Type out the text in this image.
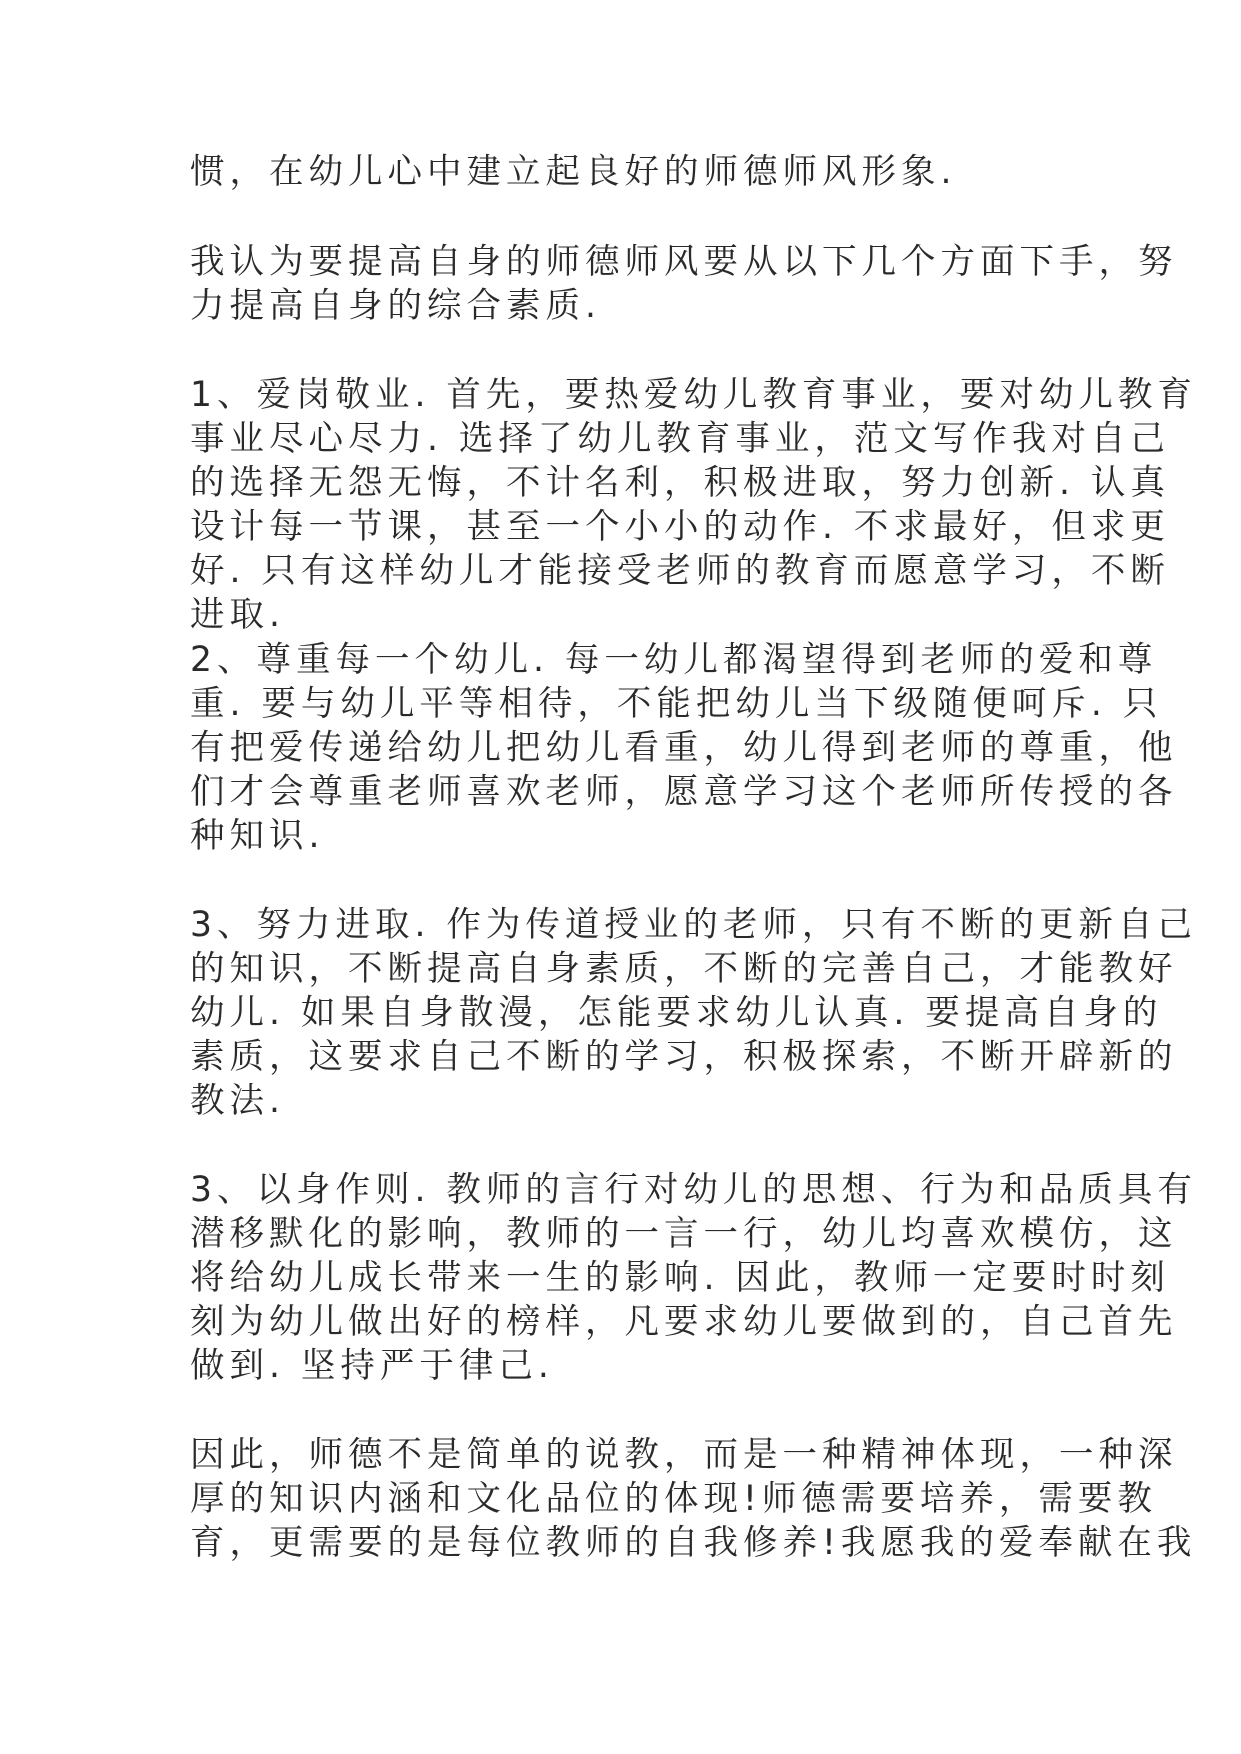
惯，在幼儿心中建立起良好的师德师风形象.

我认为要提高自身的师德师风要从以下几个方面下手，努
力提高自身的综合素质.

1、爱岗敬业. 首先，要热爱幼儿教育事业，要对幼儿教育
事业尽心尽力. 选择了幼儿教育事业，范文写作我对自己
的选择无怨无悔，不计名利，积极进取，努力创新. 认真
设计每一节课，甚至一个小小的动作. 不求最好，但求更
好. 只有这样幼儿才能接受老师的教育而愿意学习，不断
进取.

2、尊重每一个幼儿. 每一幼儿都渴望得到老师的爱和尊
重. 要与幼儿平等相待，不能把幼儿当下级随便呵斥. 只
有把爱传递给幼儿把幼儿看重，幼儿得到老师的尊重，他
们才会尊重老师喜欢老师，愿意学习这个老师所传授的各
种知识.

3、努力进取. 作为传道授业的老师，只有不断的更新自己
的知识，不断提高自身素质，不断的完善自己，才能教好
幼儿. 如果自身散漫，怎能要求幼儿认真. 要提高自身的
素质，这要求自己不断的学习，积极探索，不断开辟新的
教法.

3、以身作则. 教师的言行对幼儿的思想、行为和品质具有
潜移默化的影响，教师的一言一行，幼儿均喜欢模仿，这
将给幼儿成长带来一生的影响. 因此，教师一定要时时刻
刻为幼儿做出好的榜样，凡要求幼儿要做到的，自己首先
做到. 坚持严于律己.

因此，师德不是简单的说教，而是一种精神体现，一种深
厚的知识内涵和文化品位的体现!师德需要培养，需要教
育，更需要的是每位教师的自我修养!我愿我的爱奉献在我
